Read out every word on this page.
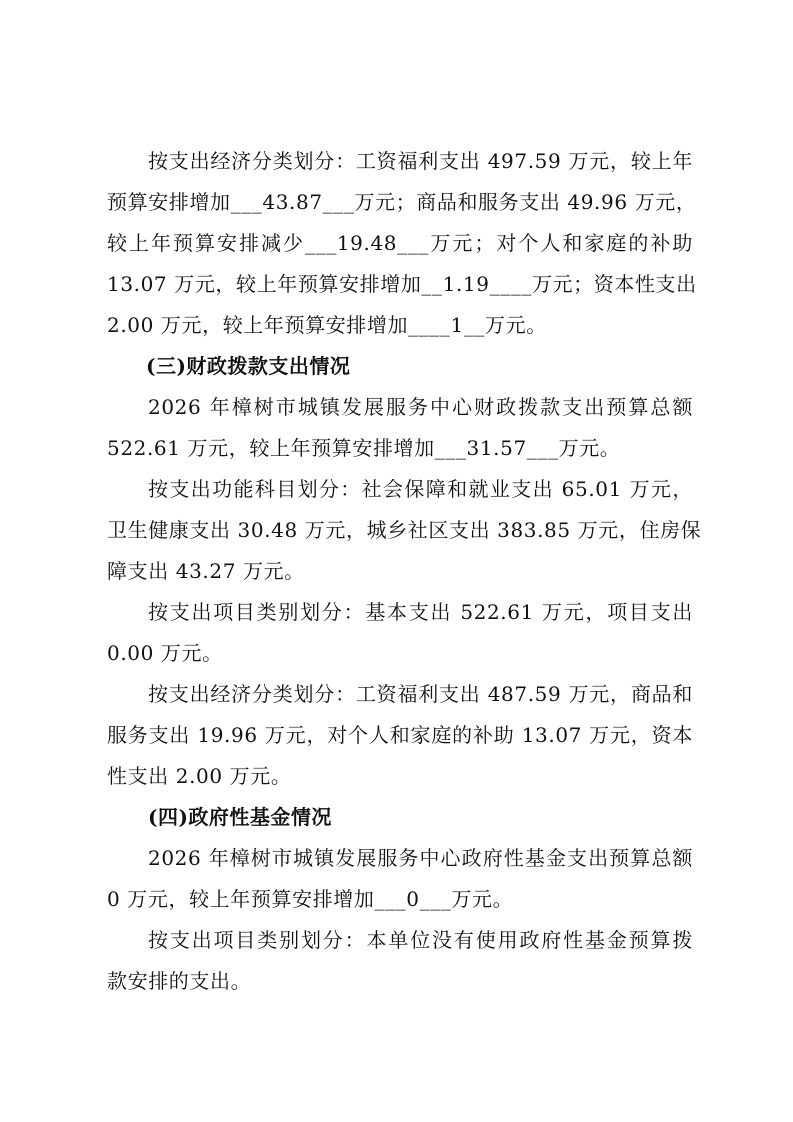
按支出经济分类划分：工资福利支出 497.59 万元，较上年
预算安排增加___43.87___万元；商品和服务支出 49.96 万元，
较上年预算安排减少___19.48___万元；对个人和家庭的补助
13.07 万元，较上年预算安排增加__1.19____万元；资本性支出
2.00 万元，较上年预算安排增加____1__万元。
(三)财政拨款支出情况
2026 年樟树市城镇发展服务中心财政拨款支出预算总额
522.61 万元，较上年预算安排增加___31.57___万元。
按支出功能科目划分：社会保障和就业支出 65.01 万元，
卫生健康支出 30.48 万元，城乡社区支出 383.85 万元，住房保
障支出 43.27 万元。
按支出项目类别划分：基本支出 522.61 万元，项目支出
0.00 万元。
按支出经济分类划分：工资福利支出 487.59 万元，商品和
服务支出 19.96 万元，对个人和家庭的补助 13.07 万元，资本
性支出 2.00 万元。
(四)政府性基金情况
2026 年樟树市城镇发展服务中心政府性基金支出预算总额
0 万元，较上年预算安排增加___0___万元。
按支出项目类别划分：本单位没有使用政府性基金预算拨
款安排的支出。
